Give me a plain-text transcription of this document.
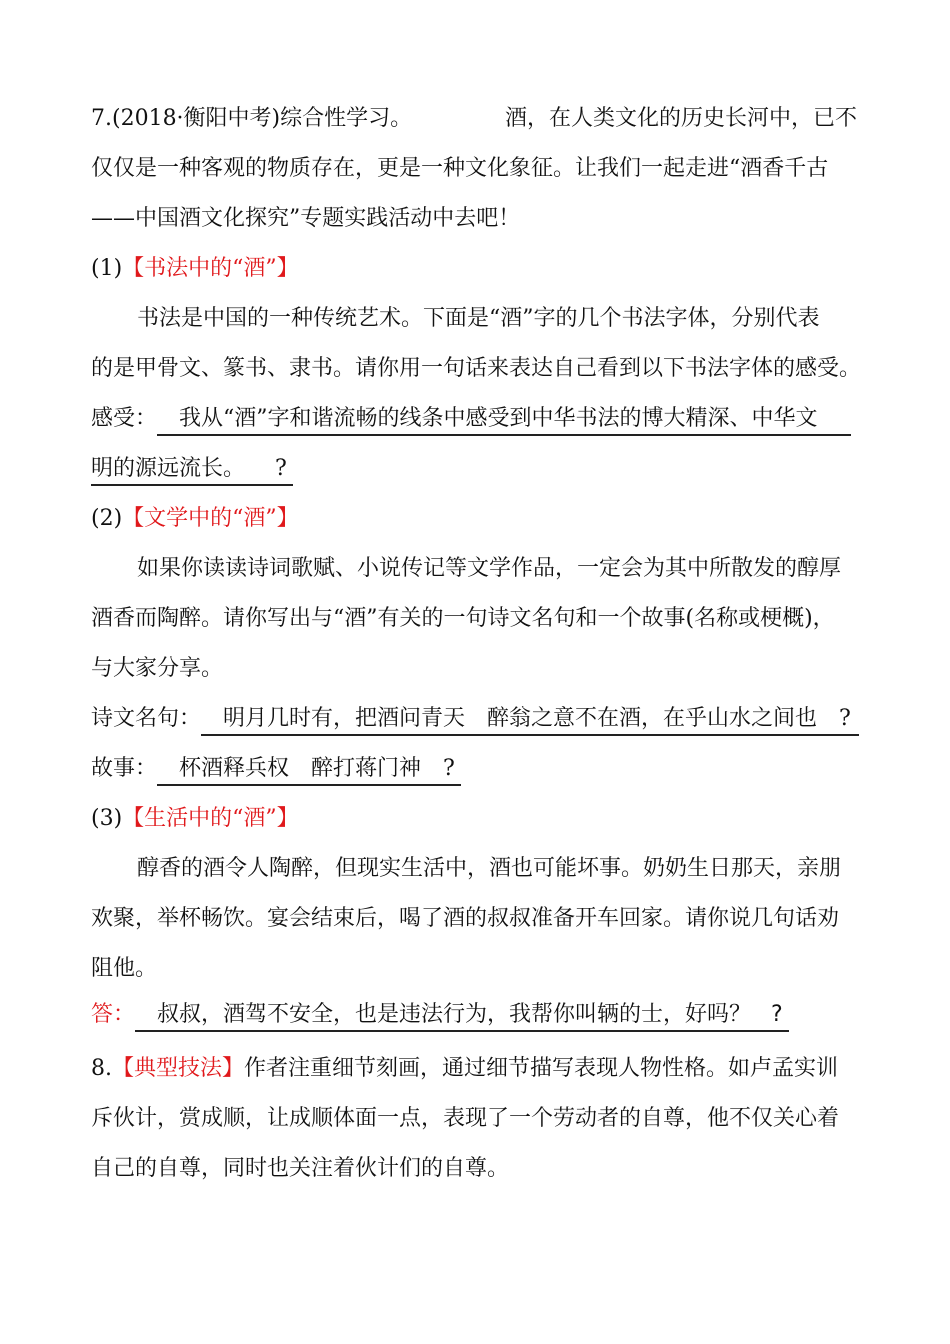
7.(2018·衡阳中考)综合性学习。	酒，在人类文化的历史长河中，已不
仅仅是一种客观的物质存在，更是一种文化象征。让我们一起走进“酒香千古
——中国酒文化探究”专题实践活动中去吧！
(1)【书法中的“酒”】
书法是中国的一种传统艺术。下面是“酒”字的几个书法字体，分别代表
的是甲骨文、篆书、隶书。请你用一句话来表达自己看到以下书法字体的感受。
感受： 我从“酒”字和谐流畅的线条中感受到中华书法的博大精深、中华文
明的源远流长。 ?
(2)【文学中的“酒”】
如果你读读诗词歌赋、小说传记等文学作品，一定会为其中所散发的醇厚
酒香而陶醉。请你写出与“酒”有关的一句诗文名句和一个故事(名称或梗概)，
与大家分享。
诗文名句： 明月几时有，把酒问青天 醉翁之意不在酒，在乎山水之间也 ?
故事： 杯酒释兵权 醉打蒋门神 ?
(3)【生活中的“酒”】
醇香的酒令人陶醉，但现实生活中，酒也可能坏事。奶奶生日那天，亲朋
欢聚，举杯畅饮。宴会结束后，喝了酒的叔叔准备开车回家。请你说几句话劝
阻他。
答： 叔叔，酒驾不安全，也是违法行为，我帮你叫辆的士，好吗？ ?
8.【典型技法】作者注重细节刻画，通过细节描写表现人物性格。如卢孟实训
斥伙计，赏成顺，让成顺体面一点，表现了一个劳动者的自尊，他不仅关心着
自己的自尊，同时也关注着伙计们的自尊。
